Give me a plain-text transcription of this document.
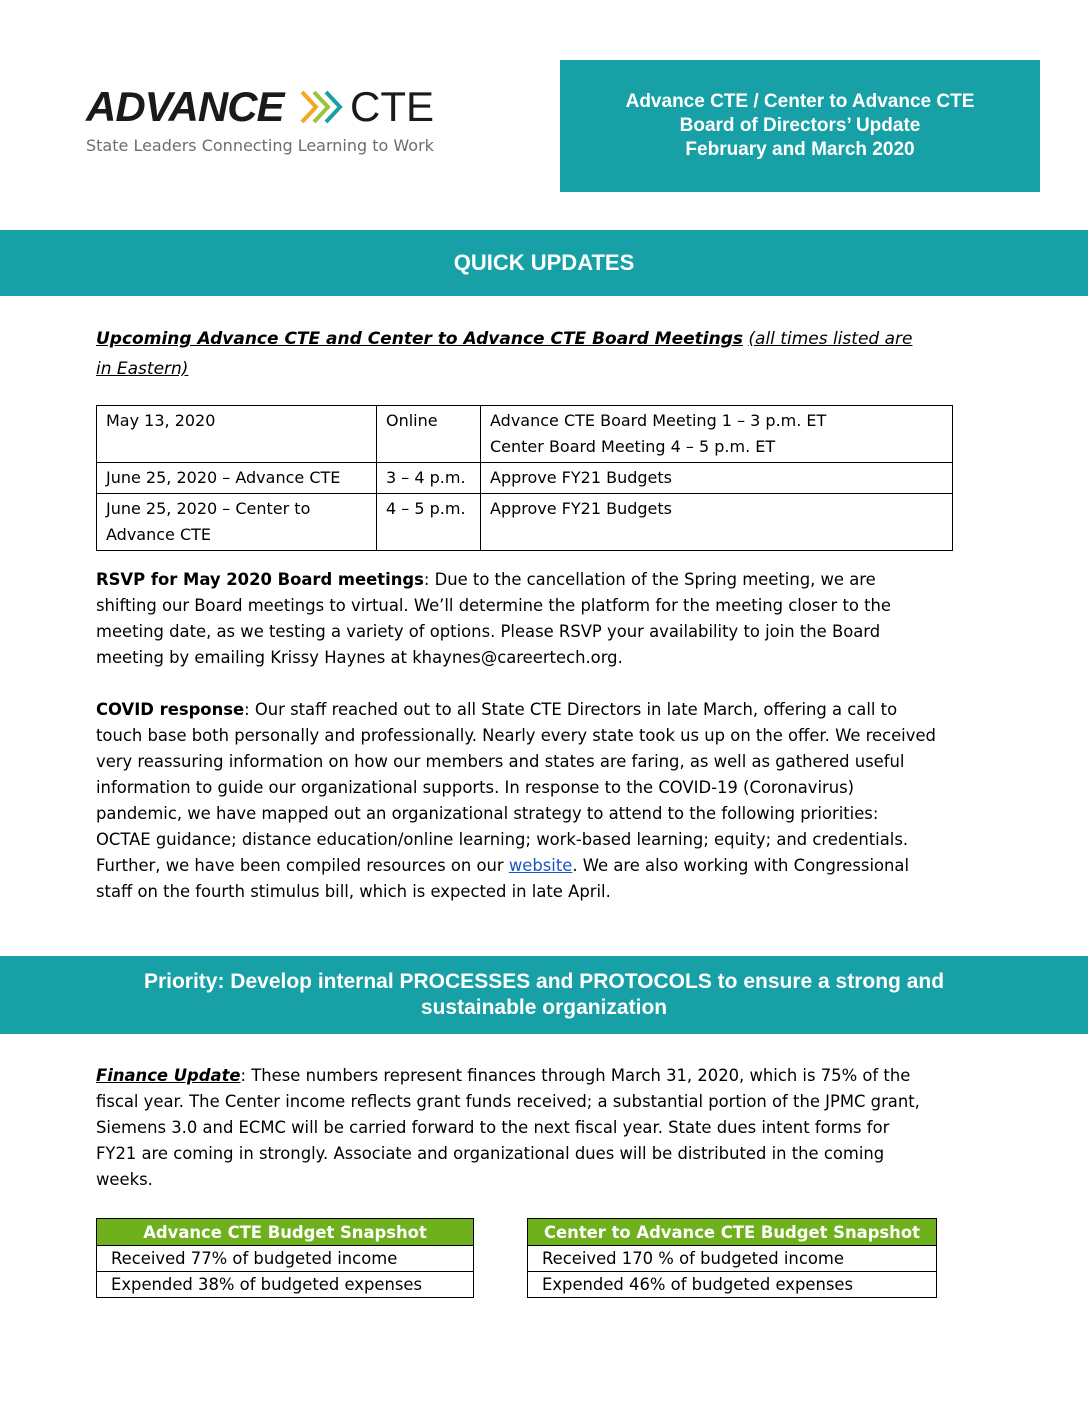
ADVANCE CTE
State Leaders Connecting Learning to Work
Advance CTE / Center to Advance CTE
Board of Directors’ Update
February and March 2020
QUICK UPDATES
Upcoming Advance CTE and Center to Advance CTE Board Meetings (all times listed are in Eastern)
May 13, 2020	Online	Advance CTE Board Meeting 1 – 3 p.m. ET
Center Board Meeting 4 – 5 p.m. ET

June 25, 2020 – Advance CTE	3 – 4 p.m.	Approve FY21 Budgets
June 25, 2020 – Center to Advance CTE	4 – 5 p.m.	Approve FY21 Budgets
RSVP for May 2020 Board meetings: Due to the cancellation of the Spring meeting, we are shifting our Board meetings to virtual. We’ll determine the platform for the meeting closer to the meeting date, as we testing a variety of options. Please RSVP your availability to join the Board meeting by emailing Krissy Haynes at khaynes@careertech.org.
COVID response: Our staff reached out to all State CTE Directors in late March, offering a call to touch base both personally and professionally. Nearly every state took us up on the offer. We received very reassuring information on how our members and states are faring, as well as gathered useful information to guide our organizational supports. In response to the COVID-19 (Coronavirus) pandemic, we have mapped out an organizational strategy to attend to the following priorities: OCTAE guidance; distance education/online learning; work-based learning; equity; and credentials. Further, we have been compiled resources on our website. We are also working with Congressional staff on the fourth stimulus bill, which is expected in late April.
Priority: Develop internal PROCESSES and PROTOCOLS to ensure a strong and
sustainable organization
Finance Update: These numbers represent finances through March 31, 2020, which is 75% of the fiscal year. The Center income reflects grant funds received; a substantial portion of the JPMC grant, Siemens 3.0 and ECMC will be carried forward to the next fiscal year. State dues intent forms for FY21 are coming in strongly. Associate and organizational dues will be distributed in the coming weeks.
Advance CTE Budget Snapshot
Received 77% of budgeted income
Expended 38% of budgeted expenses
Center to Advance CTE Budget Snapshot
Received 170 % of budgeted income
Expended 46% of budgeted expenses
